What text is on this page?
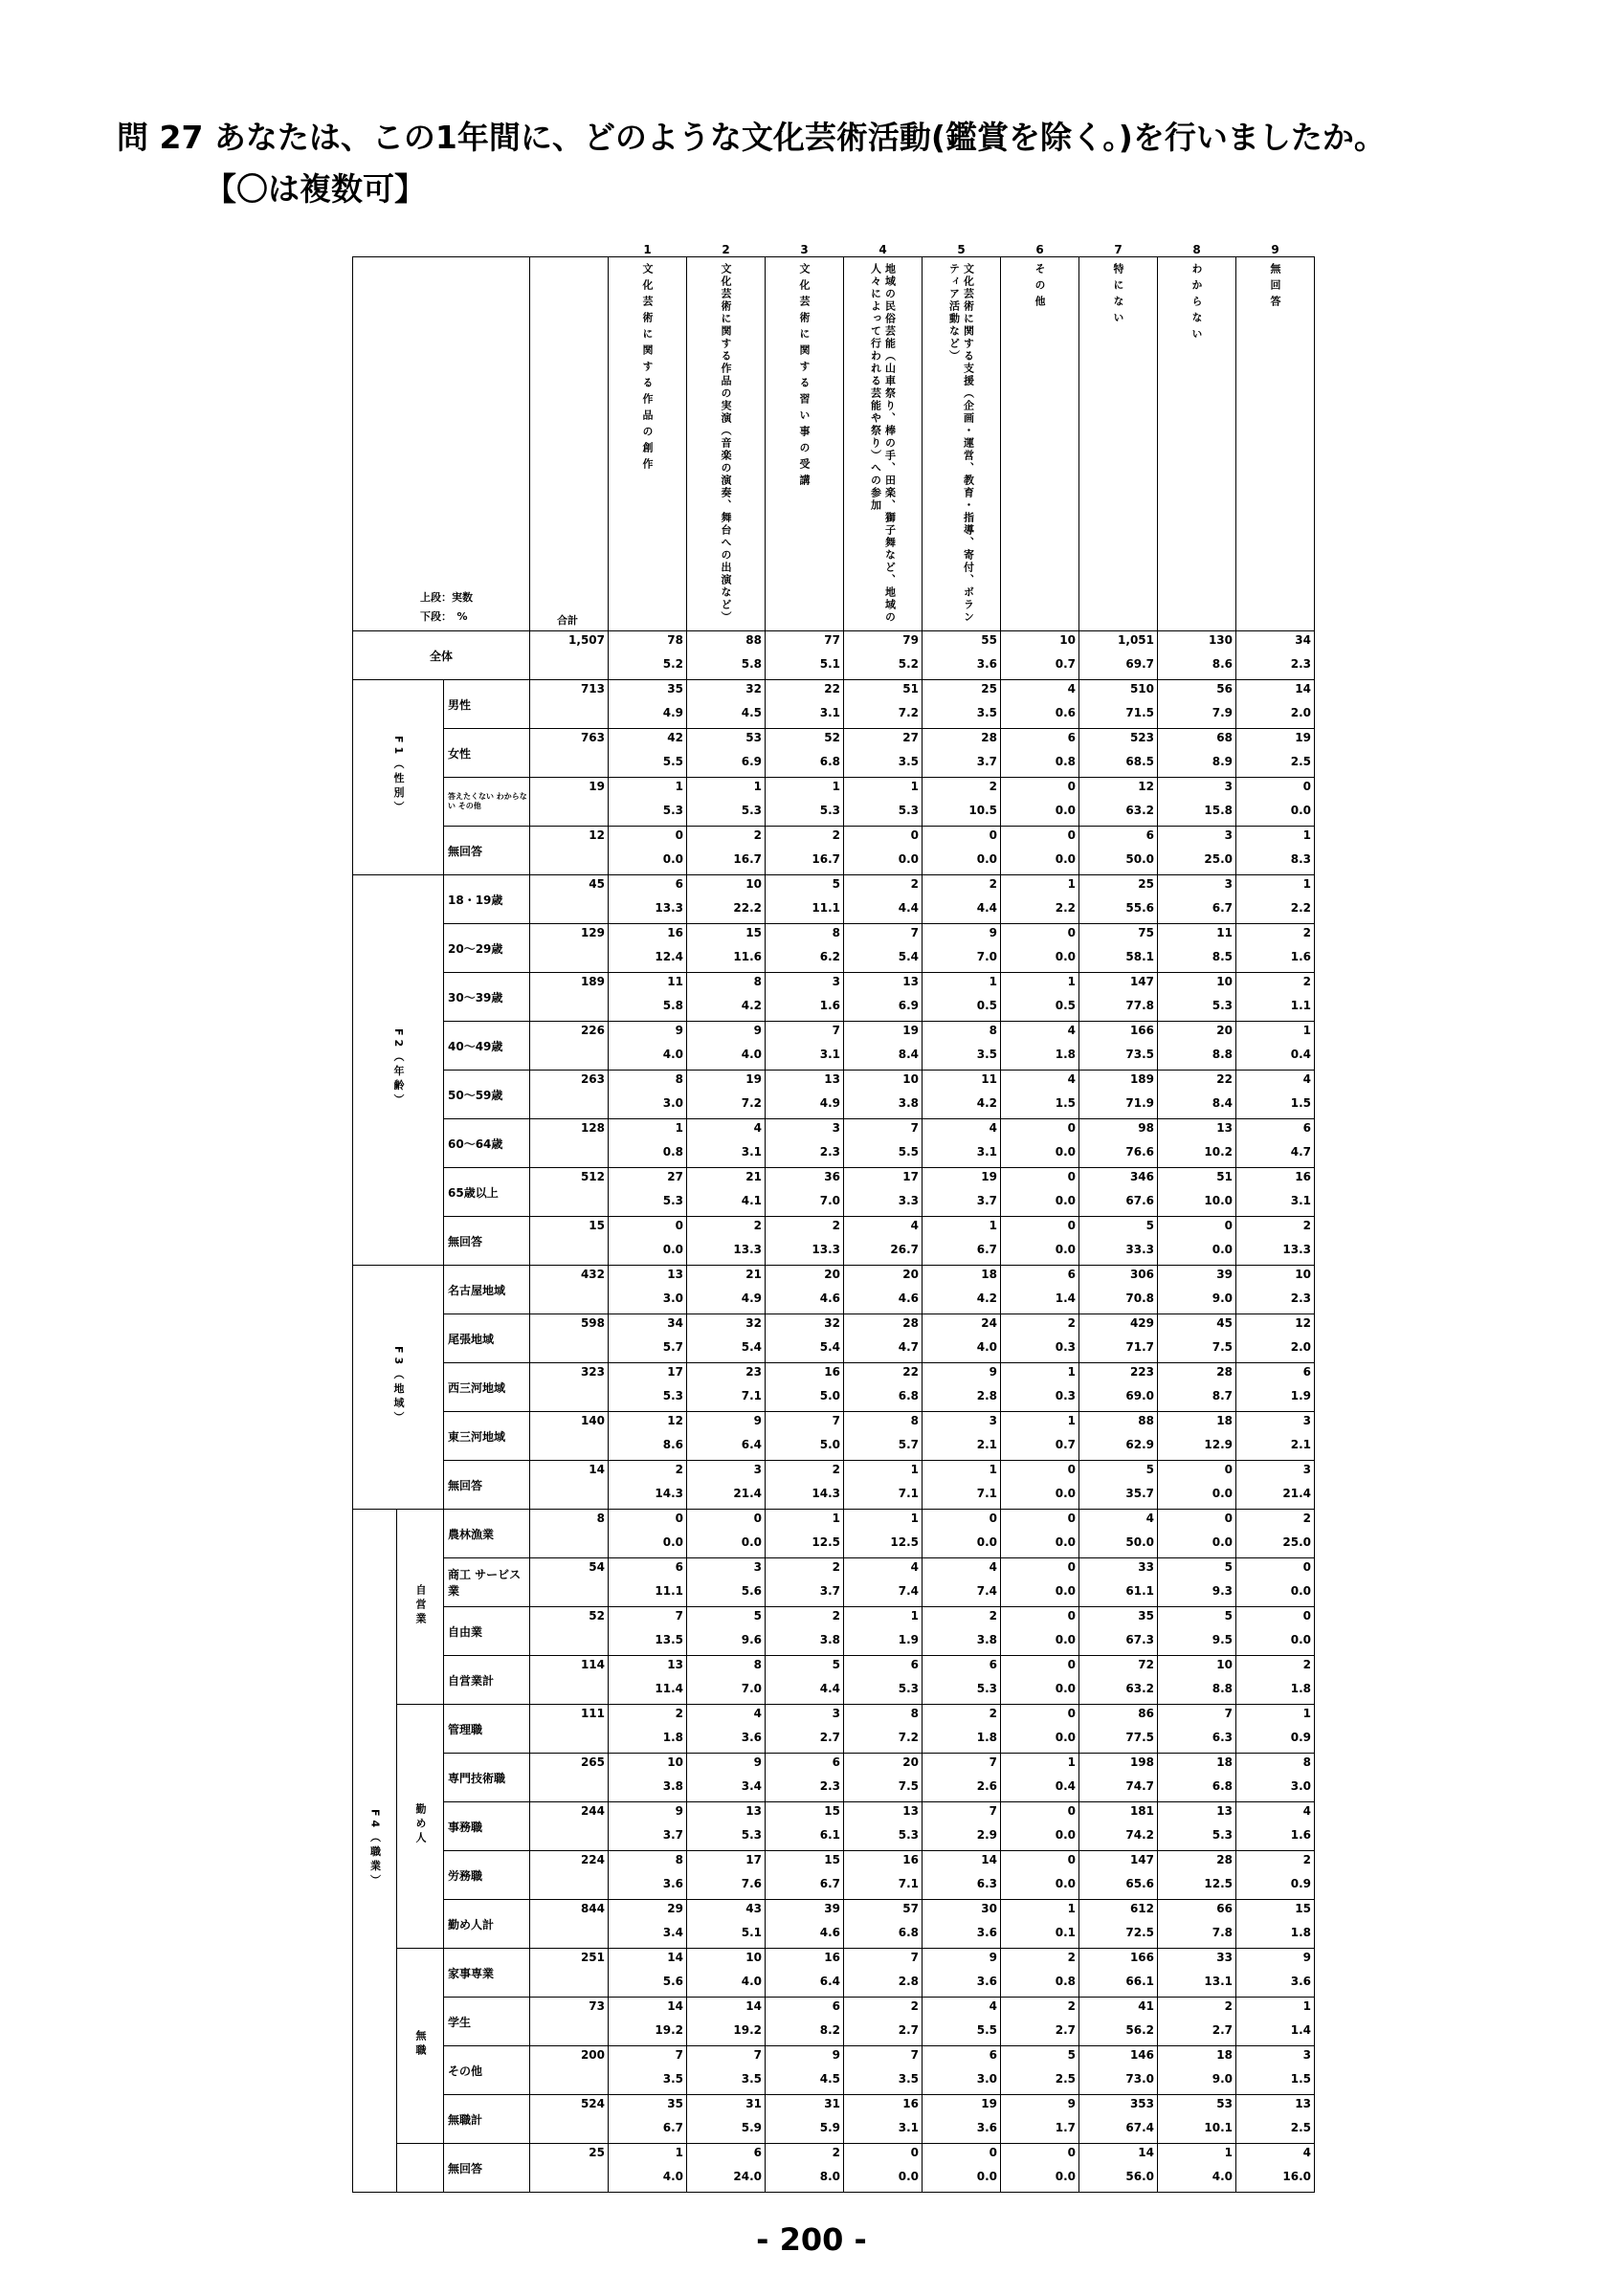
問 27 あなたは、この1年間に、どのような文化芸術活動(鑑賞を除く。)を行いましたか。
【〇は複数可】

				1	2	3	4	5	6	7	8	9

上段：実数
下段：　%			合計	文化芸術に関する作品の創作	文化芸術に関する作品の実演（音楽の演奏、舞台への出演など）	文化芸術に関する習い事の受講	地域の民俗芸能（山車祭り、棒の手、田楽、獅子舞など、地域の人々によって行われる芸能や祭り）への参加	文化芸術に関する支援（企画・運営、教育・指導、寄付、ボランティア活動など）	その他	特にない	わからない	無回答

全体			1,507	78	88	77	79	55	10	1,051	130	34
				5.2	5.8	5.1	5.2	3.6	0.7	69.7	8.6	2.3
F1（性別）		男性	713	35	32	22	51	25	4	510	56	14
				4.9	4.5	3.1	7.2	3.5	0.6	71.5	7.9	2.0
		女性	763	42	53	52	27	28	6	523	68	19
				5.5	6.9	6.8	3.5	3.7	0.8	68.5	8.9	2.5
		答えたくない わからない その他	19	1	1	1	1	2	0	12	3	0
				5.3	5.3	5.3	5.3	10.5	0.0	63.2	15.8	0.0
		無回答	12	0	2	2	0	0	0	6	3	1
				0.0	16.7	16.7	0.0	0.0	0.0	50.0	25.0	8.3
F2（年齢）		18・19歳	45	6	10	5	2	2	1	25	3	1
				13.3	22.2	11.1	4.4	4.4	2.2	55.6	6.7	2.2
		20～29歳	129	16	15	8	7	9	0	75	11	2
				12.4	11.6	6.2	5.4	7.0	0.0	58.1	8.5	1.6
		30～39歳	189	11	8	3	13	1	1	147	10	2
				5.8	4.2	1.6	6.9	0.5	0.5	77.8	5.3	1.1
		40～49歳	226	9	9	7	19	8	4	166	20	1
				4.0	4.0	3.1	8.4	3.5	1.8	73.5	8.8	0.4
		50～59歳	263	8	19	13	10	11	4	189	22	4
				3.0	7.2	4.9	3.8	4.2	1.5	71.9	8.4	1.5
		60～64歳	128	1	4	3	7	4	0	98	13	6
				0.8	3.1	2.3	5.5	3.1	0.0	76.6	10.2	4.7
		65歳以上	512	27	21	36	17	19	0	346	51	16
				5.3	4.1	7.0	3.3	3.7	0.0	67.6	10.0	3.1
		無回答	15	0	2	2	4	1	0	5	0	2
				0.0	13.3	13.3	26.7	6.7	0.0	33.3	0.0	13.3
F3（地域）		名古屋地域	432	13	21	20	20	18	6	306	39	10
				3.0	4.9	4.6	4.6	4.2	1.4	70.8	9.0	2.3
		尾張地域	598	34	32	32	28	24	2	429	45	12
				5.7	5.4	5.4	4.7	4.0	0.3	71.7	7.5	2.0
		西三河地域	323	17	23	16	22	9	1	223	28	6
				5.3	7.1	5.0	6.8	2.8	0.3	69.0	8.7	1.9
		東三河地域	140	12	9	7	8	3	1	88	18	3
				8.6	6.4	5.0	5.7	2.1	0.7	62.9	12.9	2.1
		無回答	14	2	3	2	1	1	0	5	0	3
				14.3	21.4	14.3	7.1	7.1	0.0	35.7	0.0	21.4
F4（職業）	自営業	農林漁業	8	0	0	1	1	0	0	4	0	2
				0.0	0.0	12.5	12.5	0.0	0.0	50.0	0.0	25.0
		商工 サービス業	54	6	3	2	4	4	0	33	5	0
				11.1	5.6	3.7	7.4	7.4	0.0	61.1	9.3	0.0
		自由業	52	7	5	2	1	2	0	35	5	0
				13.5	9.6	3.8	1.9	3.8	0.0	67.3	9.5	0.0
		自営業計	114	13	8	5	6	6	0	72	10	2
				11.4	7.0	4.4	5.3	5.3	0.0	63.2	8.8	1.8
	勤め人	管理職	111	2	4	3	8	2	0	86	7	1
				1.8	3.6	2.7	7.2	1.8	0.0	77.5	6.3	0.9
		専門技術職	265	10	9	6	20	7	1	198	18	8
				3.8	3.4	2.3	7.5	2.6	0.4	74.7	6.8	3.0
		事務職	244	9	13	15	13	7	0	181	13	4
				3.7	5.3	6.1	5.3	2.9	0.0	74.2	5.3	1.6
		労務職	224	8	17	15	16	14	0	147	28	2
				3.6	7.6	6.7	7.1	6.3	0.0	65.6	12.5	0.9
		勤め人計	844	29	43	39	57	30	1	612	66	15
				3.4	5.1	4.6	6.8	3.6	0.1	72.5	7.8	1.8
	無職	家事専業	251	14	10	16	7	9	2	166	33	9
				5.6	4.0	6.4	2.8	3.6	0.8	66.1	13.1	3.6
		学生	73	14	14	6	2	4	2	41	2	1
				19.2	19.2	8.2	2.7	5.5	2.7	56.2	2.7	1.4
		その他	200	7	7	9	7	6	5	146	18	3
				3.5	3.5	4.5	3.5	3.0	2.5	73.0	9.0	1.5
		無職計	524	35	31	31	16	19	9	353	53	13
				6.7	5.9	5.9	3.1	3.6	1.7	67.4	10.1	2.5
		無回答	25	1	6	2	0	0	0	14	1	4
				4.0	24.0	8.0	0.0	0.0	0.0	56.0	4.0	16.0
- 200 -
